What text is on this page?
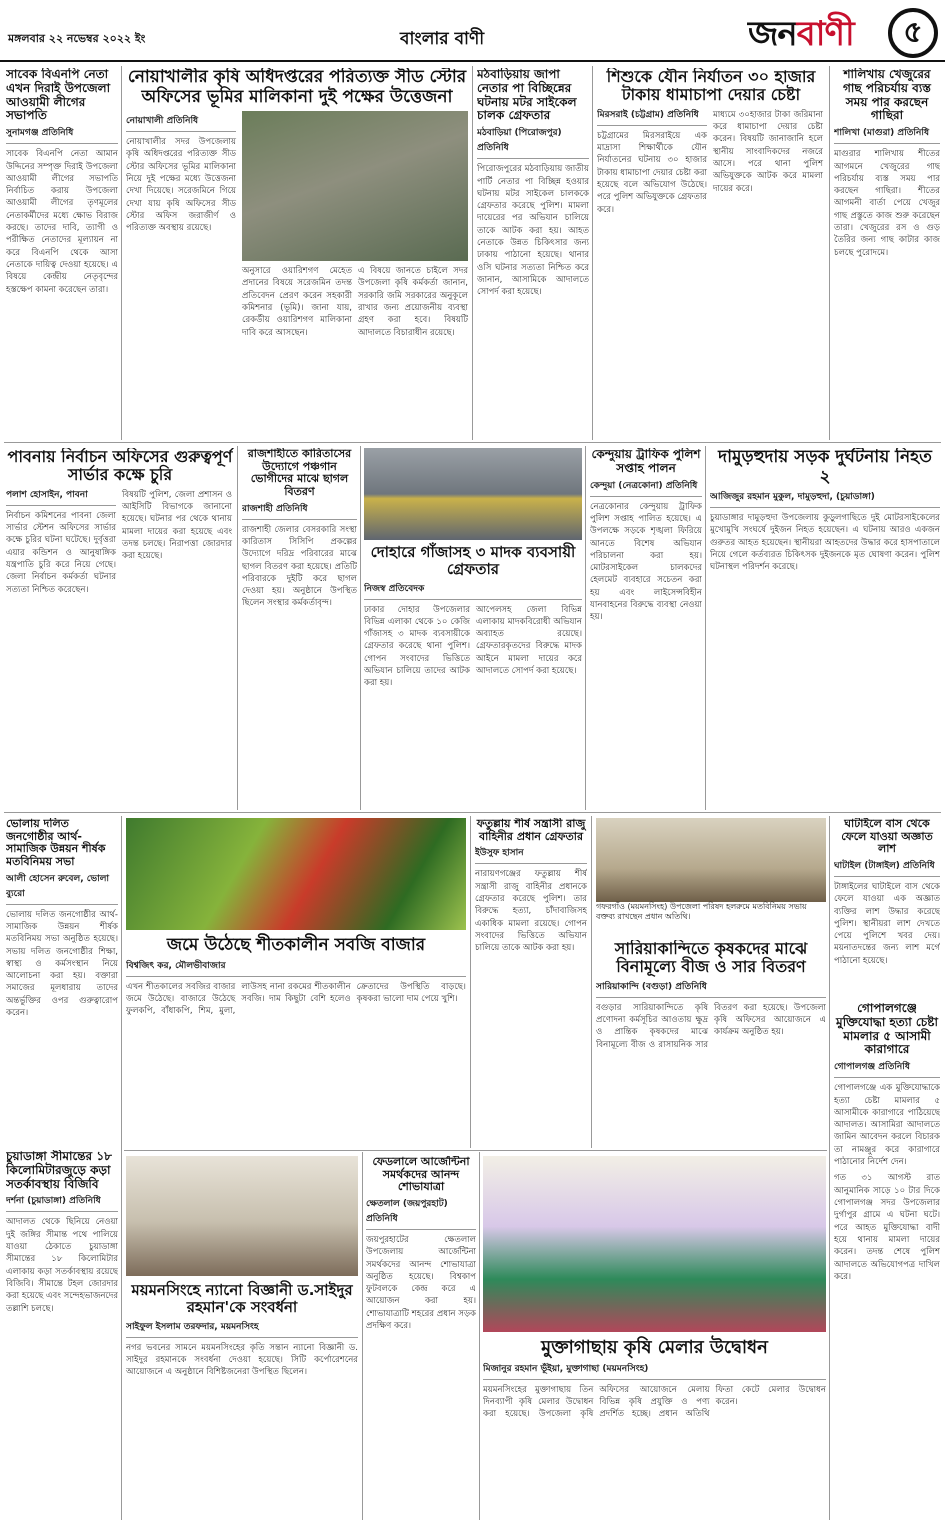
মঙ্গলবার ২২ নভেম্বর ২০২২ ইং	বাংলার বাণী	জনবাণী	৫
সাবেক বিএনপি নেতা এখন দিরাই উপজেলা আওয়ামী লীগের সভাপতি
সুনামগঞ্জ প্রতিনিধি
সাবেক বিএনপি নেতা আমান উদ্দিনের সম্পৃক্ত দিরাই উপজেলা আওয়ামী লীগের সভাপতি নির্বাচিত করায় উপজেলা আওয়ামী লীগের তৃণমূলের নেতাকর্মীদের মধ্যে ক্ষোভ বিরাজ করছে। তাদের দাবি, ত্যাগী ও পরীক্ষিত নেতাদের মূল্যায়ন না করে বিএনপি থেকে আসা নেতাকে দায়িত্ব দেওয়া হয়েছে। এ বিষয়ে কেন্দ্রীয় নেতৃবৃন্দের হস্তক্ষেপ কামনা করেছেন তারা।
নোয়াখালীর কৃষি অধিদপ্তরের পরিত্যক্ত সীড স্টোর অফিসের ভূমির মালিকানা দুই পক্ষের উত্তেজনা
নোয়াখালী প্রতিনিধি
নোয়াখালীর সদর উপজেলায় কৃষি অধিদপ্তরের পরিত্যক্ত সীড স্টোর অফিসের ভূমির মালিকানা নিয়ে দুই পক্ষের মধ্যে উত্তেজনা দেখা দিয়েছে। সরেজমিনে গিয়ে দেখা যায় কৃষি অফিসের সীড স্টোর অফিস জরাজীর্ণ ও পরিত্যক্ত অবস্থায় রয়েছে।
অনুসারে ওয়ারিশগণ মেহেত প্রদানের বিষয়ে সরেজমিন তদন্ত প্রতিবেদন প্রেরণ করেন সহকারী কমিশনার (ভূমি)। জানা যায়, রেকর্ডীয় ওয়ারিশগণ মালিকানা দাবি করে আসছেন।
এ বিষয়ে জানতে চাইলে সদর উপজেলা কৃষি কর্মকর্তা জানান, সরকারি জমি সরকারের অনুকূলে রাখার জন্য প্রয়োজনীয় ব্যবস্থা গ্রহণ করা হবে। বিষয়টি আদালতে বিচারাধীন রয়েছে।
মঠবাড়িয়ায় জাপা নেতার পা বিচ্ছিন্নের ঘটনায় মটর সাইকেল চালক গ্রেফতার
মঠবাড়িয়া (পিরোজপুর) প্রতিনিধি
পিরোজপুরের মঠবাড়িয়ায় জাতীয় পার্টি নেতার পা বিচ্ছিন্ন হওয়ার ঘটনায় মটর সাইকেল চালককে গ্রেফতার করেছে পুলিশ। মামলা দায়েরের পর অভিযান চালিয়ে তাকে আটক করা হয়। আহত নেতাকে উন্নত চিকিৎসার জন্য ঢাকায় পাঠানো হয়েছে। থানার ওসি ঘটনার সত্যতা নিশ্চিত করে জানান, আসামিকে আদালতে সোপর্দ করা হয়েছে।
শিশুকে যৌন নির্যাতন ৩০ হাজার টাকায় ধামাচাপা দেয়ার চেষ্টা
মিরসরাই (চট্টগ্রাম) প্রতিনিধি
চট্টগ্রামের মিরসরাইয়ে এক মাদ্রাসা শিক্ষার্থীকে যৌন নির্যাতনের ঘটনায় ৩০ হাজার টাকায় ধামাচাপা দেয়ার চেষ্টা করা হয়েছে বলে অভিযোগ উঠেছে। পরে পুলিশ অভিযুক্তকে গ্রেফতার করে।
মাধ্যমে ৩০হাজার টাকা জরিমানা করে ধামাচাপা দেয়ার চেষ্টা করেন। বিষয়টি জানাজানি হলে স্থানীয় সাংবাদিকদের নজরে আসে। পরে থানা পুলিশ অভিযুক্তকে আটক করে মামলা দায়ের করে।
শালিখায় খেজুরের গাছ পরিচর্যায় ব্যস্ত সময় পার করছেন গাছিরা
শালিখা (মাগুরা) প্রতিনিধি
মাগুরার শালিখায় শীতের আগমনে খেজুরের গাছ পরিচর্যায় ব্যস্ত সময় পার করছেন গাছিরা। শীতের আগমনী বার্তা পেয়ে খেজুর গাছ প্রস্তুতে কাজ শুরু করেছেন তারা। খেজুরের রস ও গুড় তৈরির জন্য গাছ কাটার কাজ চলছে পুরোদমে।
পাবনায় নির্বাচন অফিসের গুরুত্বপূর্ণ সার্ভার কক্ষে চুরি
পলাশ হোসাইন, পাবনা
নির্বাচন কমিশনের পাবনা জেলা সার্ভার স্টেশন অফিসের সার্ভার কক্ষে চুরির ঘটনা ঘটেছে। দুর্বৃত্তরা এয়ার কন্ডিশন ও আনুষাঙ্গিক যন্ত্রপাতি চুরি করে নিয়ে গেছে। জেলা নির্বাচন কর্মকর্তা ঘটনার সত্যতা নিশ্চিত করেছেন।
বিষয়টি পুলিশ, জেলা প্রশাসন ও আইসিটি বিভাগকে জানানো হয়েছে। ঘটনার পর থেকে থানায় মামলা দায়ের করা হয়েছে এবং তদন্ত চলছে। নিরাপত্তা জোরদার করা হয়েছে।
রাজশাহীতে কারিতাসের উদ্যোগে পঞ্চগান ভোগীদের মাঝে ছাগল বিতরণ
রাজশাহী প্রতিনিধি
রাজশাহী জেলার বেসরকারি সংস্থা কারিতাস সিসিপি প্রকল্পের উদ্যোগে দরিদ্র পরিবারের মাঝে ছাগল বিতরণ করা হয়েছে। প্রতিটি পরিবারকে দুইটি করে ছাগল দেওয়া হয়। অনুষ্ঠানে উপস্থিত ছিলেন সংস্থার কর্মকর্তাবৃন্দ।
দোহারে গাঁজাসহ ৩ মাদক ব্যবসায়ী গ্রেফতার
নিজস্ব প্রতিবেদক
ঢাকার দোহার উপজেলার বিভিন্ন এলাকা থেকে ১০ কেজি গাঁজাসহ ৩ মাদক ব্যবসায়ীকে গ্রেফতার করেছে থানা পুলিশ। গোপন সংবাদের ভিত্তিতে অভিযান চালিয়ে তাদের আটক করা হয়।
আপেলসহ জেলা বিভিন্ন এলাকায় মাদকবিরোধী অভিযান অব্যাহত রয়েছে। গ্রেফতারকৃতদের বিরুদ্ধে মাদক আইনে মামলা দায়ের করে আদালতে সোপর্দ করা হয়েছে।
কেন্দুয়ায় ট্রাফিক পুলিশ সপ্তাহ পালন
কেন্দুয়া (নেত্রকোনা) প্রতিনিধি
নেত্রকোনার কেন্দুয়ায় ট্রাফিক পুলিশ সপ্তাহ পালিত হয়েছে। এ উপলক্ষে সড়কে শৃঙ্খলা ফিরিয়ে আনতে বিশেষ অভিযান পরিচালনা করা হয়। মোটরসাইকেল চালকদের হেলমেট ব্যবহারে সচেতন করা হয় এবং লাইসেন্সবিহীন যানবাহনের বিরুদ্ধে ব্যবস্থা নেওয়া হয়।
দামুড়হুদায় সড়ক দুর্ঘটনায় নিহত ২
আজিজুর রহমান মুকুল, দামুড়হুদা, (চুয়াডাঙ্গা)
চুয়াডাঙ্গার দামুড়হুদা উপজেলায় কুড়ুলগাছিতে দুই মোটরসাইকেলের মুখোমুখি সংঘর্ষে দুইজন নিহত হয়েছেন। এ ঘটনায় আরও একজন গুরুতর আহত হয়েছেন। স্থানীয়রা আহতদের উদ্ধার করে হাসপাতালে নিয়ে গেলে কর্তব্যরত চিকিৎসক দুইজনকে মৃত ঘোষণা করেন। পুলিশ ঘটনাস্থল পরিদর্শন করেছে।
ভোলায় দলিত জনগোষ্ঠীর আর্থ-সামাজিক উন্নয়ন শীর্ষক মতবিনিময় সভা
আলী হোসেন রুবেল, ভোলা ব্যুরো
ভোলায় দলিত জনগোষ্ঠীর আর্থ-সামাজিক উন্নয়ন শীর্ষক মতবিনিময় সভা অনুষ্ঠিত হয়েছে। সভায় দলিত জনগোষ্ঠীর শিক্ষা, স্বাস্থ্য ও কর্মসংস্থান নিয়ে আলোচনা করা হয়। বক্তারা সমাজের মূলধারায় তাদের অন্তর্ভুক্তির ওপর গুরুত্বারোপ করেন।
চুয়াডাঙ্গা সীমান্তের ১৮ কিলোমিটারজুড়ে কড়া সতর্কাবস্থায় বিজিবি
দর্শনা (চুয়াডাঙ্গা) প্রতিনিধি
আদালত থেকে ছিনিয়ে নেওয়া দুই জঙ্গির সীমান্ত পথে পালিয়ে যাওয়া ঠেকাতে চুয়াডাঙ্গা সীমান্তের ১৮ কিলোমিটার এলাকায় কড়া সতর্কাবস্থায় রয়েছে বিজিবি। সীমান্তে টহল জোরদার করা হয়েছে এবং সন্দেহভাজনদের তল্লাশি চলছে।
জমে উঠেছে শীতকালীন সবজি বাজার
বিশ্বজিৎ কর, মৌলভীবাজার
এখন শীতকালের সবজির বাজার জমে উঠেছে। বাজারে উঠেছে ফুলকপি, বাঁধাকপি, শিম, মুলা, লাউসহ নানা রকমের শীতকালীন সবজি। দাম কিছুটা বেশি হলেও ক্রেতাদের উপস্থিতি বাড়ছে। কৃষকরা ভালো দাম পেয়ে খুশি।
ফতুল্লায় শীর্ষ সন্ত্রাসী রাজু বাহিনীর প্রধান গ্রেফতার
ইউসুফ হাসান
নারায়ণগঞ্জের ফতুল্লায় শীর্ষ সন্ত্রাসী রাজু বাহিনীর প্রধানকে গ্রেফতার করেছে পুলিশ। তার বিরুদ্ধে হত্যা, চাঁদাবাজিসহ একাধিক মামলা রয়েছে। গোপন সংবাদের ভিত্তিতে অভিযান চালিয়ে তাকে আটক করা হয়।
গফরগাঁও (ময়মনসিংহ) উপজেলা পরিষদ হলরুমে মতবিনিময় সভায় বক্তব্য রাখছেন প্রধান অতিথি।
সারিয়াকান্দিতে কৃষকদের মাঝে বিনামূল্যে বীজ ও সার বিতরণ
সারিয়াকান্দি (বগুড়া) প্রতিনিধি
বগুড়ার সারিয়াকান্দিতে কৃষি প্রণোদনা কর্মসূচির আওতায় ক্ষুদ্র ও প্রান্তিক কৃষকদের মাঝে বিনামূল্যে বীজ ও রাসায়নিক সার বিতরণ করা হয়েছে। উপজেলা কৃষি অফিসের আয়োজনে এ কার্যক্রম অনুষ্ঠিত হয়।
ঘাটাইলে বাস থেকে ফেলে যাওয়া অজ্ঞাত লাশ
ঘাটাইল (টাঙ্গাইল) প্রতিনিধি
টাঙ্গাইলের ঘাটাইলে বাস থেকে ফেলে যাওয়া এক অজ্ঞাত ব্যক্তির লাশ উদ্ধার করেছে পুলিশ। স্থানীয়রা লাশ দেখতে পেয়ে পুলিশে খবর দেয়। ময়নাতদন্তের জন্য লাশ মর্গে পাঠানো হয়েছে।
গোপালগঞ্জে মুক্তিযোদ্ধা হত্যা চেষ্টা মামলার ৫ আসামী কারাগারে
গোপালগঞ্জ প্রতিনিধি
গোপালগঞ্জে এক মুক্তিযোদ্ধাকে হত্যা চেষ্টা মামলার ৫ আসামীকে কারাগারে পাঠিয়েছে আদালত। আসামিরা আদালতে জামিন আবেদন করলে বিচারক তা নামঞ্জুর করে কারাগারে পাঠানোর নির্দেশ দেন।
গত ৩১ আগস্ট রাত আনুমানিক সাড়ে ১০ টার দিকে গোপালগঞ্জ সদর উপজেলার দুর্গাপুর গ্রামে এ ঘটনা ঘটে। পরে আহত মুক্তিযোদ্ধা বাদী হয়ে থানায় মামলা দায়ের করেন। তদন্ত শেষে পুলিশ আদালতে অভিযোগপত্র দাখিল করে।
ময়মনসিংহে ন্যানো বিজ্ঞানী ড.সাইদুর রহমান'কে সংবর্ধনা
সাইফুল ইসলাম তরফদার, ময়মনসিংহ
নগর ভবনের সামনে ময়মনসিংহের কৃতি সন্তান ন্যানো বিজ্ঞানী ড. সাইদুর রহমানকে সংবর্ধনা দেওয়া হয়েছে। সিটি কর্পোরেশনের আয়োজনে এ অনুষ্ঠানে বিশিষ্টজনেরা উপস্থিত ছিলেন।
ফেডলালে আর্জেন্টিনা সমর্থকদের আনন্দ শোভাযাত্রা
ক্ষেতলাল (জয়পুরহাট) প্রতিনিধি
জয়পুরহাটের ক্ষেতলাল উপজেলায় আর্জেন্টিনা সমর্থকদের আনন্দ শোভাযাত্রা অনুষ্ঠিত হয়েছে। বিশ্বকাপ ফুটবলকে কেন্দ্র করে এ আয়োজন করা হয়। শোভাযাত্রাটি শহরের প্রধান সড়ক প্রদক্ষিণ করে।
মুক্তাগাছায় কৃষি মেলার উদ্বোধন
মিজানুর রহমান ভূঁইয়া, মুক্তাগাছা (ময়মনসিংহ)
ময়মনসিংহের মুক্তাগাছায় তিন দিনব্যাপী কৃষি মেলার উদ্বোধন করা হয়েছে। উপজেলা কৃষি অফিসের আয়োজনে মেলায় বিভিন্ন কৃষি প্রযুক্তি ও পণ্য প্রদর্শিত হচ্ছে। প্রধান অতিথি ফিতা কেটে মেলার উদ্বোধন করেন।
